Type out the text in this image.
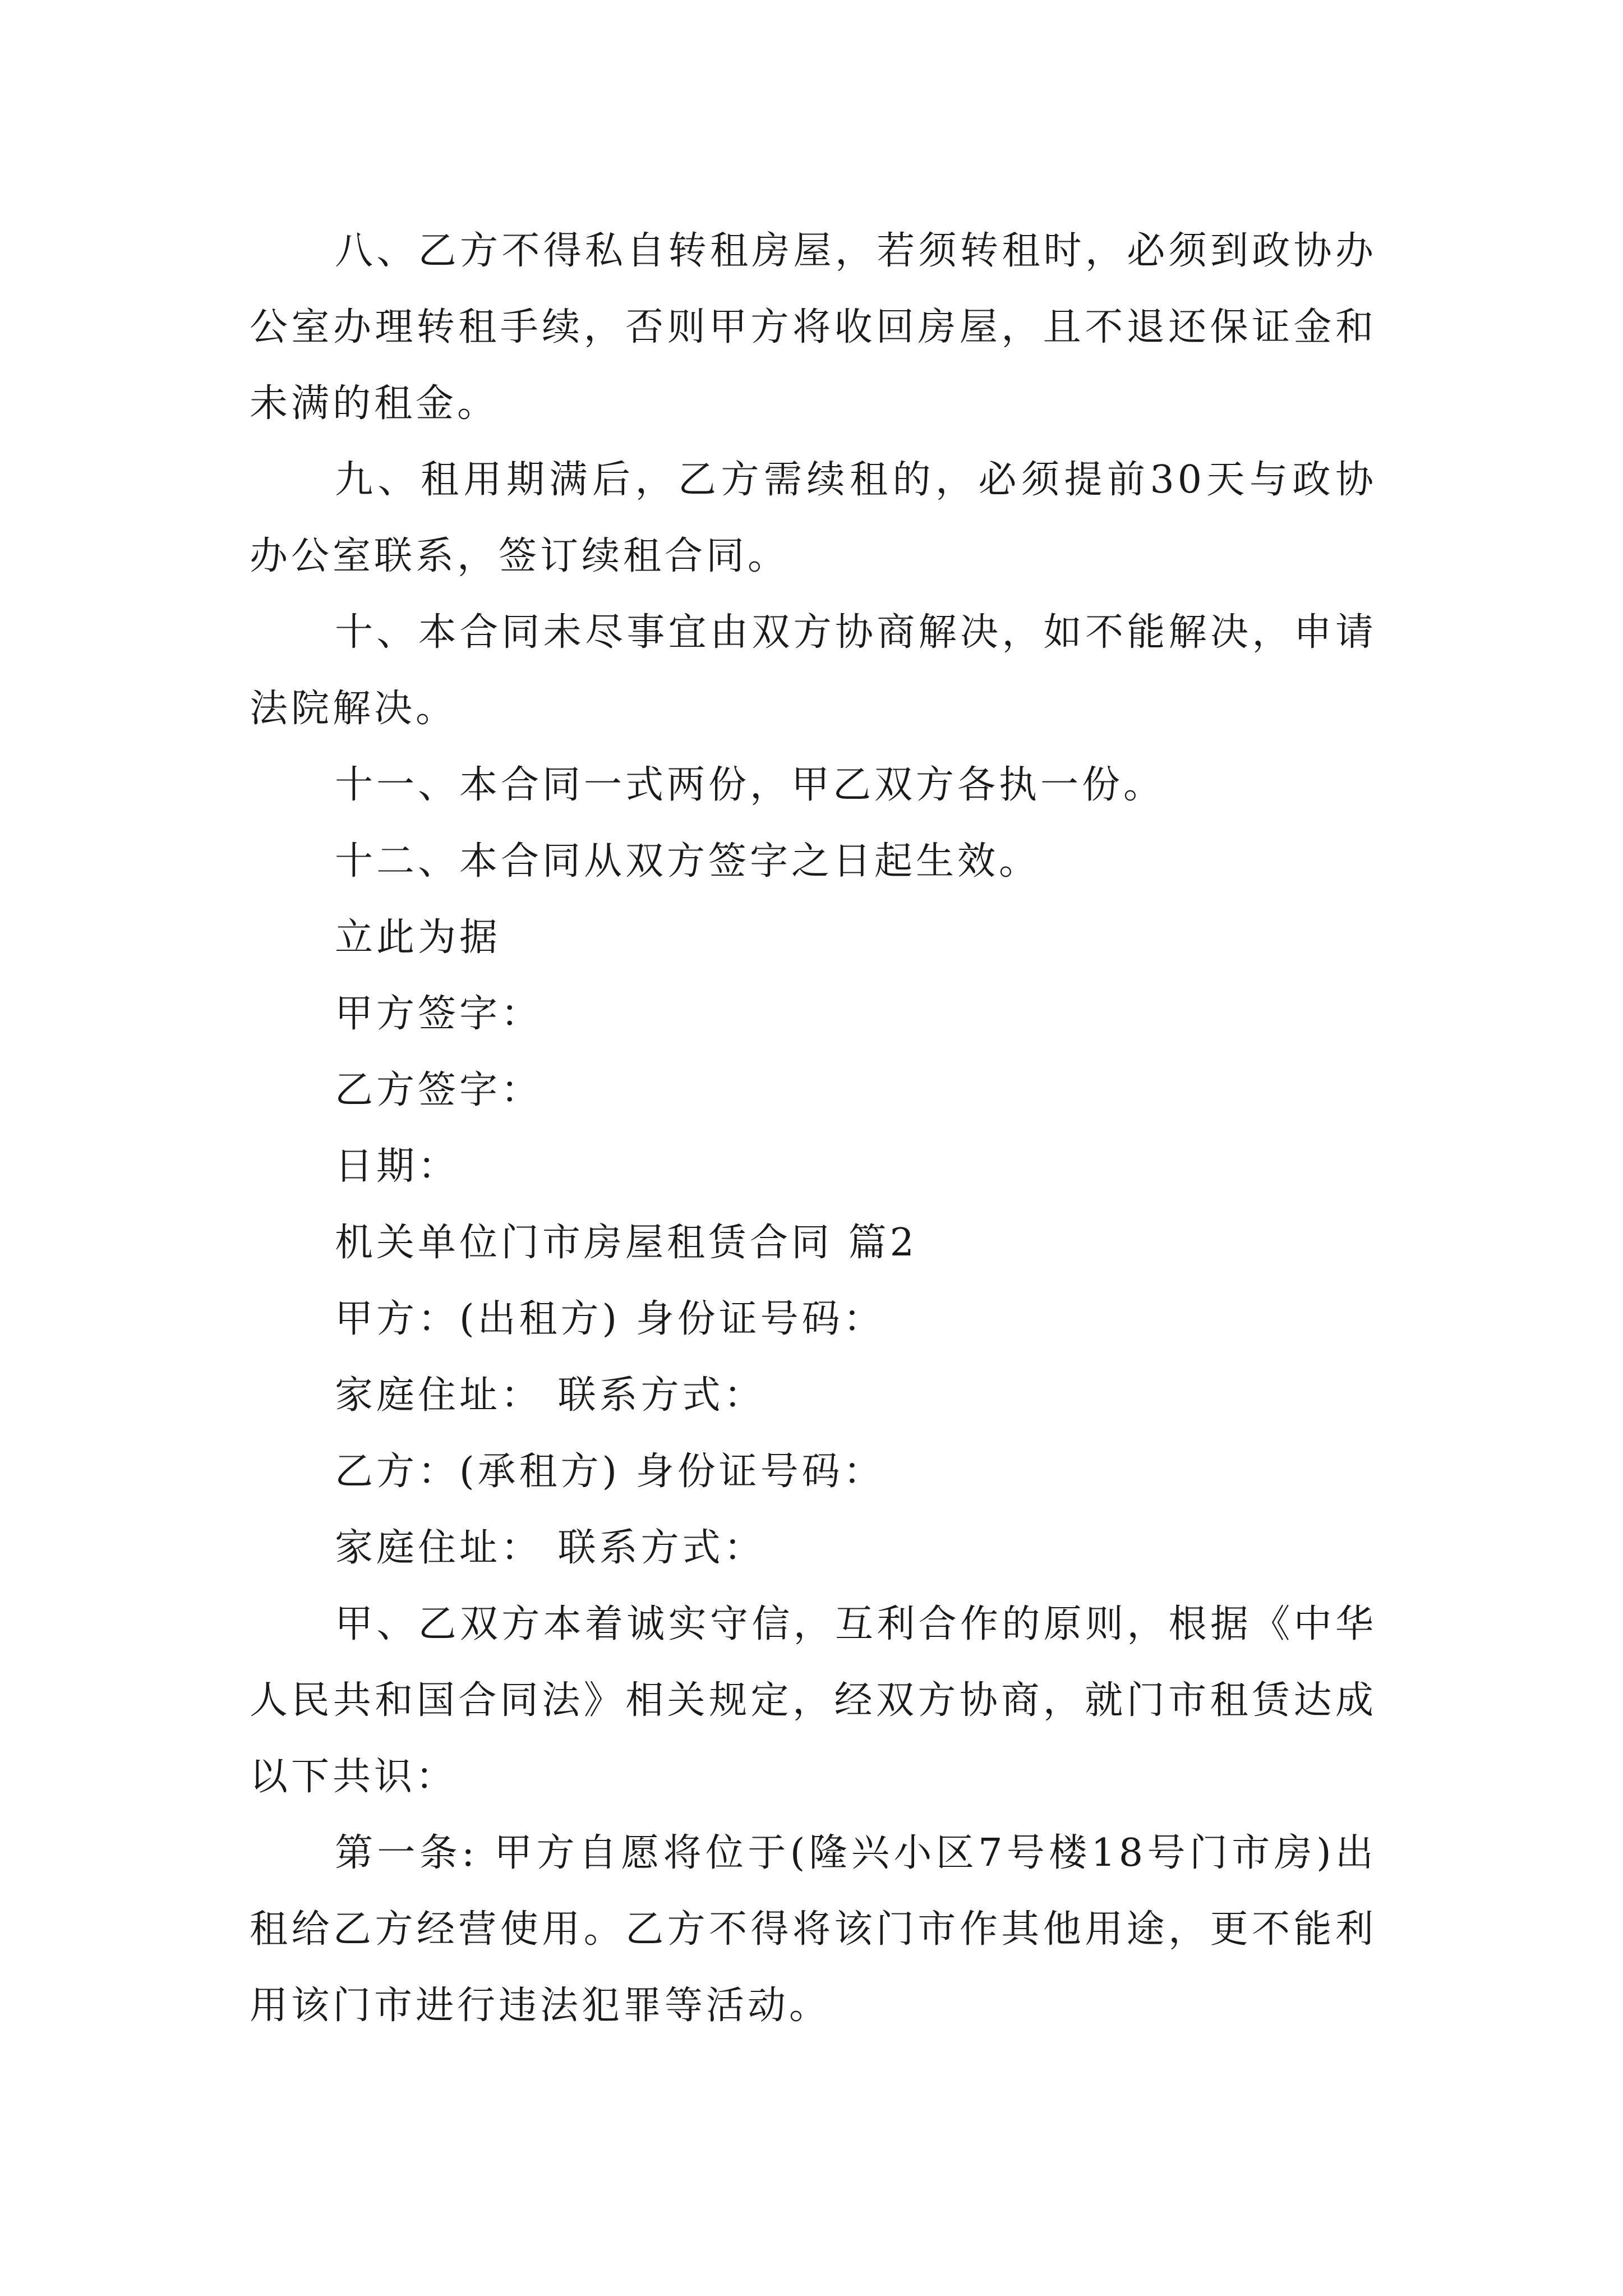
八、乙方不得私自转租房屋，若须转租时，必须到政协办公室办理转租手续，否则甲方将收回房屋，且不退还保证金和未满的租金。

九、租用期满后，乙方需续租的，必须提前30天与政协办公室联系，签订续租合同。

十、本合同未尽事宜由双方协商解决，如不能解决，申请法院解决。

十一、本合同一式两份，甲乙双方各执一份。

十二、本合同从双方签字之日起生效。

立此为据

甲方签字：

乙方签字：

日期：

机关单位门市房屋租赁合同 篇2

甲方：(出租方) 身份证号码：

家庭住址： 联系方式：

乙方：(承租方) 身份证号码：

家庭住址： 联系方式：

甲、乙双方本着诚实守信，互利合作的原则，根据《中华人民共和国合同法》相关规定，经双方协商，就门市租赁达成以下共识：

第一条: 甲方自愿将位于(隆兴小区7号楼18号门市房)出租给乙方经营使用。乙方不得将该门市作其他用途，更不能利用该门市进行违法犯罪等活动。
